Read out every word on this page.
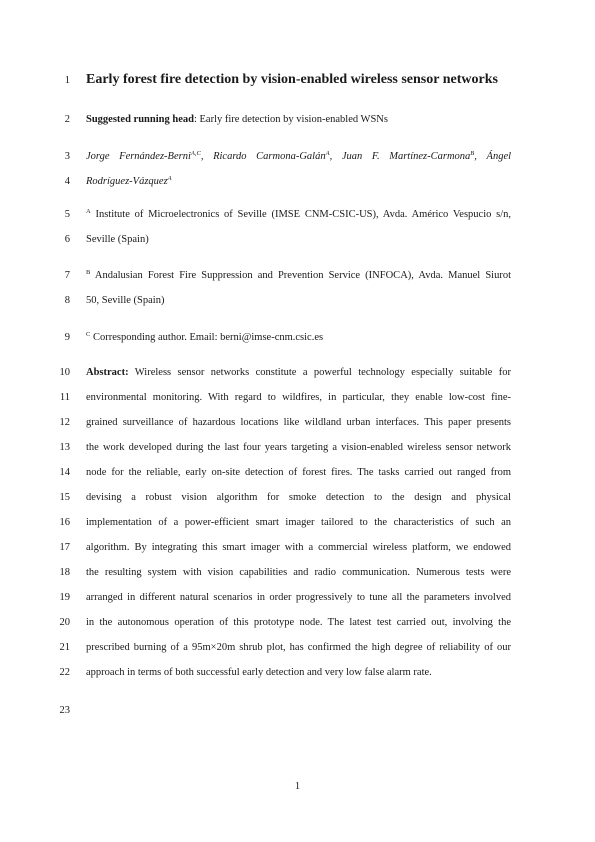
1
2
3
4
5
6
7
8
9
10
11
12
13
14
15
16
17
18
19
20
21
22
23
Early forest fire detection by vision-enabled wireless sensor networks
Suggested running head: Early fire detection by vision-enabled WSNs
Jorge Fernández-Berni$^{A,C}$, Ricardo Carmona-Galán$^A$, Juan F. Martínez-Carmona$^B$, Ángel
Rodríguez-Vázquez$^A$
$^A$ Institute of Microelectronics of Seville (IMSE CNM-CSIC-US), Avda. Américo Vespucio s/n,
Seville (Spain)
$^B$ Andalusian Forest Fire Suppression and Prevention Service (INFOCA), Avda. Manuel Siurot
50, Seville (Spain)
$^C$ Corresponding author. Email: berni@imse-cnm.csic.es
Abstract: Wireless sensor networks constitute a powerful technology especially suitable for
environmental monitoring. With regard to wildfires, in particular, they enable low-cost fine-
grained surveillance of hazardous locations like wildland urban interfaces. This paper presents
the work developed during the last four years targeting a vision-enabled wireless sensor network
node for the reliable, early on-site detection of forest fires. The tasks carried out ranged from
devising a robust vision algorithm for smoke detection to the design and physical
implementation of a power-efficient smart imager tailored to the characteristics of such an
algorithm. By integrating this smart imager with a commercial wireless platform, we endowed
the resulting system with vision capabilities and radio communication. Numerous tests were
arranged in different natural scenarios in order progressively to tune all the parameters involved
in the autonomous operation of this prototype node. The latest test carried out, involving the
prescribed burning of a 95m×20m shrub plot, has confirmed the high degree of reliability of our
approach in terms of both successful early detection and very low false alarm rate.
1
